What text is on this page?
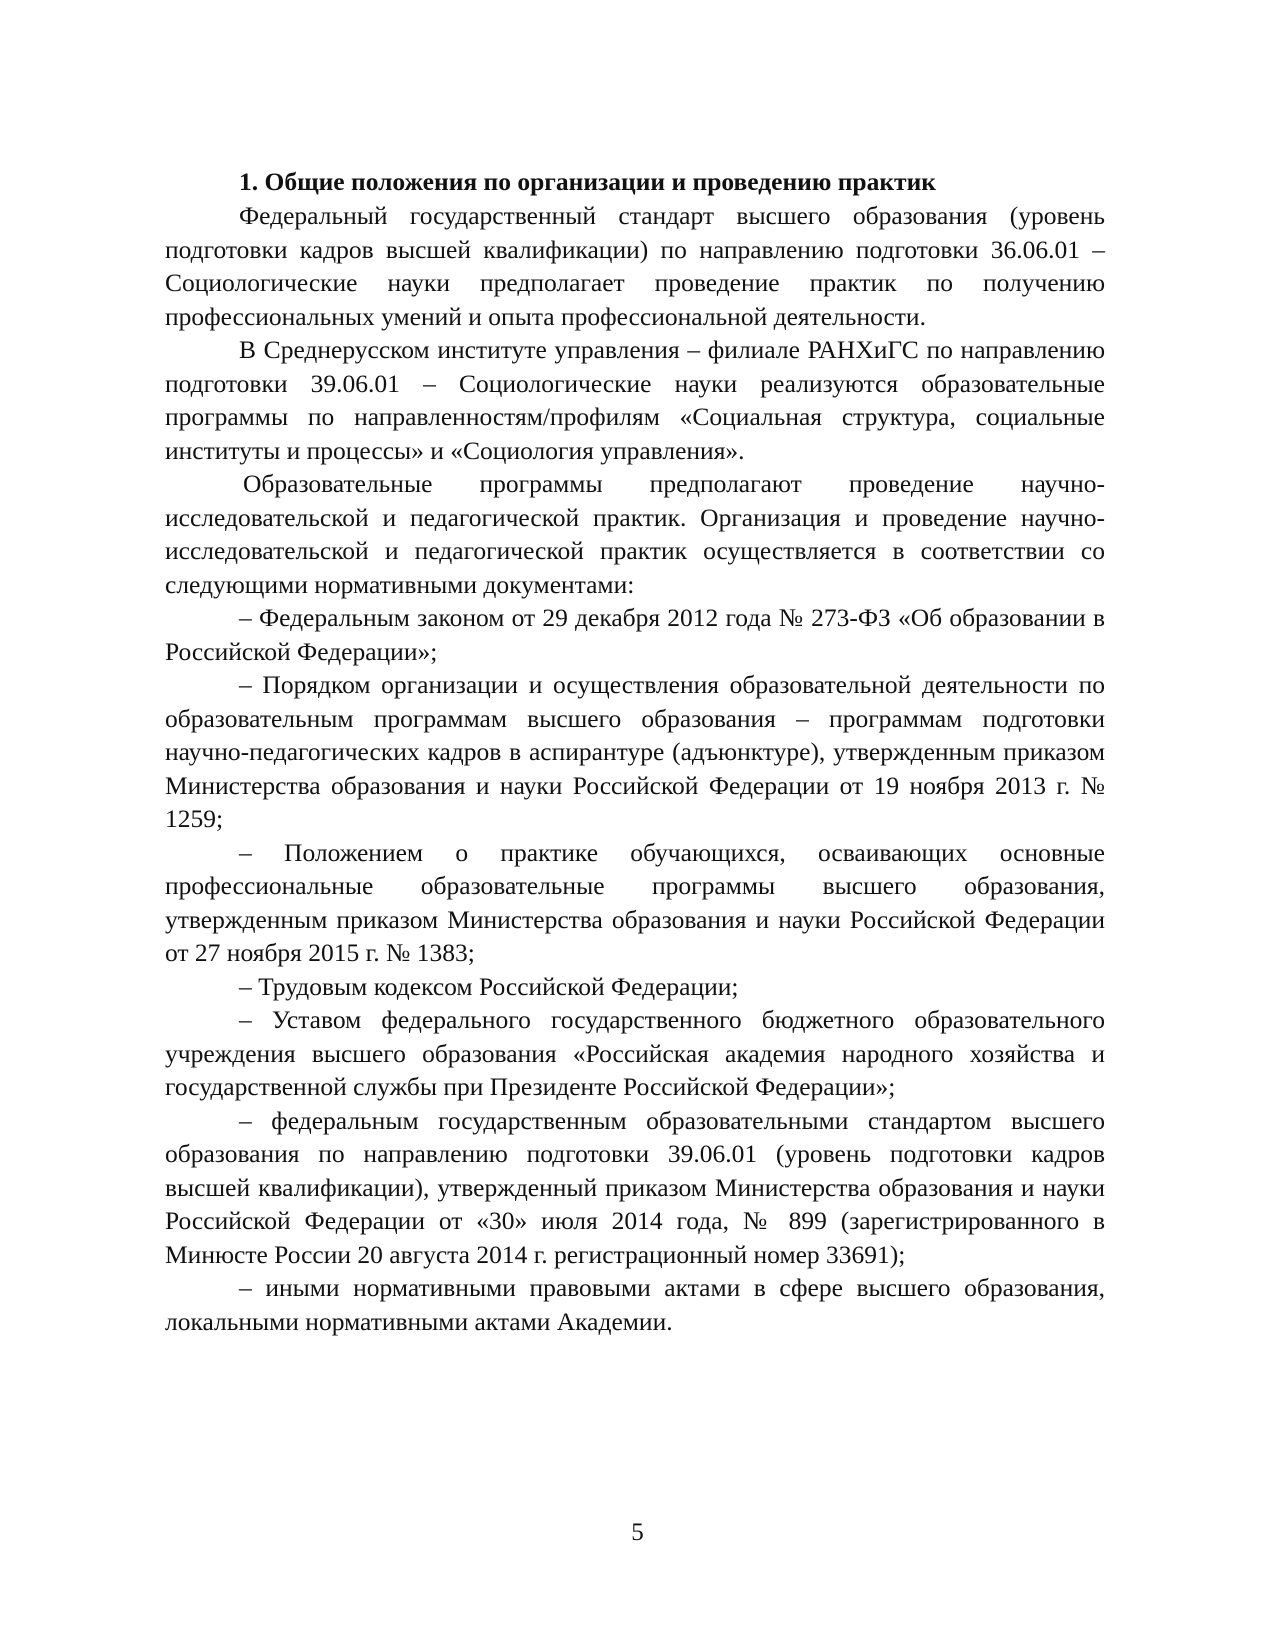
1. Общие положения по организации и проведению практик

Федеральный государственный стандарт высшего образования (уровень подготовки кадров высшей квалификации) по направлению подготовки 36.06.01 – Социологические науки предполагает проведение практик по получению профессиональных умений и опыта профессиональной деятельности.

В Среднерусском институте управления – филиале РАНХиГС по направлению подготовки 39.06.01 – Социологические науки реализуются образовательные программы по направленностям/профилям «Социальная структура, социальные институты и процессы» и «Социология управления».

Образовательные программы предполагают проведение научно-исследовательской и педагогической практик. Организация и проведение научно-исследовательской и педагогической практик осуществляется в соответствии со следующими нормативными документами:

– Федеральным законом от 29 декабря 2012 года № 273-ФЗ «Об образовании в Российской Федерации»;

– Порядком организации и осуществления образовательной деятельности по образовательным программам высшего образования – программам подготовки научно-педагогических кадров в аспирантуре (адъюнктуре), утвержденным приказом Министерства образования и науки Российской Федерации от 19 ноября 2013 г. № 1259;

– Положением о практике обучающихся, осваивающих основные профессиональные образовательные программы высшего образования, утвержденным приказом Министерства образования и науки Российской Федерации от 27 ноября 2015 г. № 1383;

– Трудовым кодексом Российской Федерации;

– Уставом федерального государственного бюджетного образовательного учреждения высшего образования «Российская академия народного хозяйства и государственной службы при Президенте Российской Федерации»;

– федеральным государственным образовательными стандартом высшего образования по направлению подготовки 39.06.01 (уровень подготовки кадров высшей квалификации), утвержденный приказом Министерства образования и науки Российской Федерации от «30» июля 2014 года, № 899 (зарегистрированного в Минюсте России 20 августа 2014 г. регистрационный номер 33691);

– иными нормативными правовыми актами в сфере высшего образования, локальными нормативными актами Академии.

5
